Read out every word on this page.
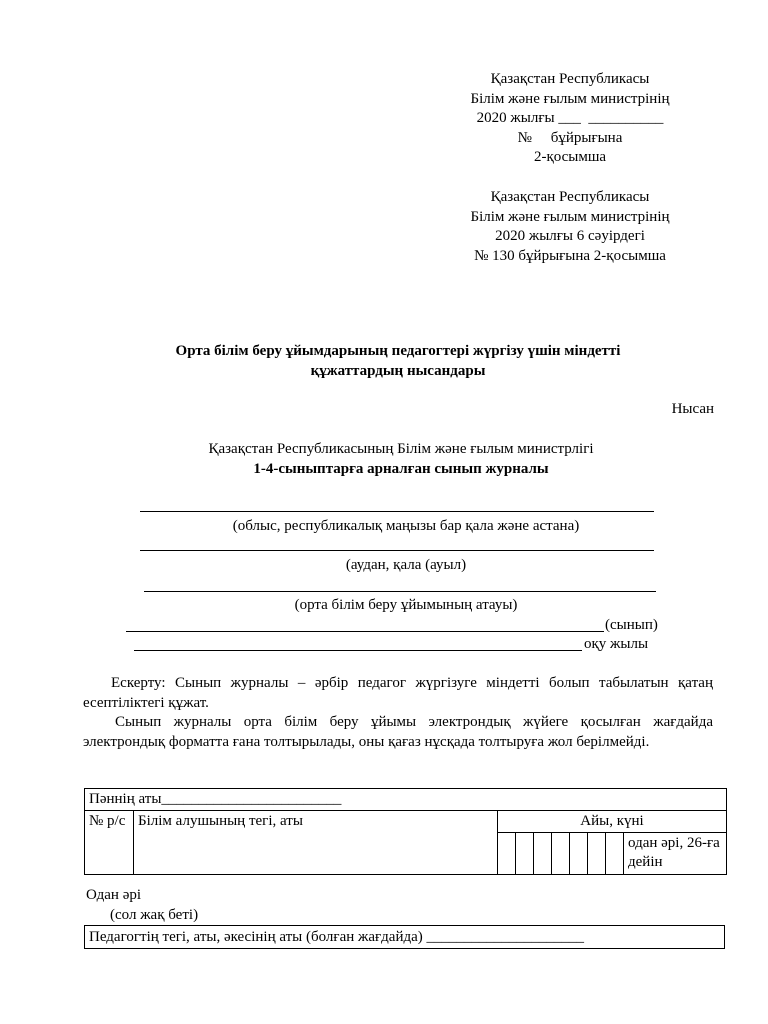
Қазақстан Республикасы
Білім және ғылым министрінің
2020 жылғы ___  __________
№     бұйрығына
2-қосымша
Қазақстан Республикасы
Білім және ғылым министрінің
2020 жылғы 6 сәуірдегі
№ 130 бұйрығына 2-қосымша
Орта білім беру ұйымдарының педагогтері жүргізу үшін міндетті
құжаттардың нысандары
Нысан
Қазақстан Республикасының Білім және ғылым министрлігі
1-4-сыныптарға арналған сынып журналы
(облыс, республикалық маңызы бар қала және астана)
(аудан, қала (ауыл)
(орта білім беру ұйымының атауы)
(сынып)
оқу жылы

Ескерту: Сынып журналы – әрбір педагог жүргізуге міндетті болып табылатын қатаң есептіліктегі құжат.

Сынып журналы орта білім беру ұйымы электрондық жүйеге қосылған жағдайда электрондық форматта ғана толтырылады, оны қағаз нұсқада толтыруға жол берілмейді.

Пәннің аты________________________									
№ р/с	Білім алушының тегі, аты	Айы, күні							
									одан әрі, 26-ға дейін
Одан әрі
(сол жақ беті)
Педагогтің тегі, аты, әкесінің аты (болған жағдайда) _____________________
